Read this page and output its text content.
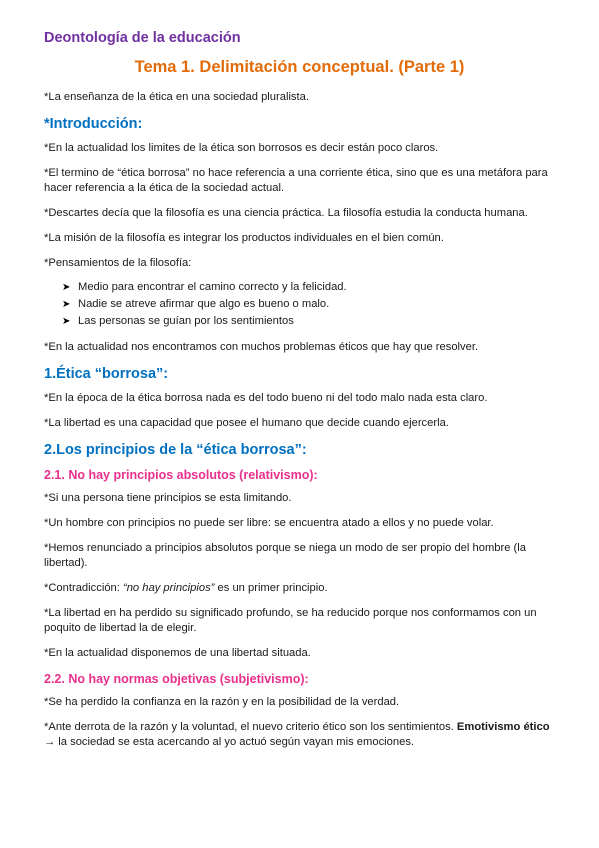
Deontología de la educación
Tema 1. Delimitación conceptual. (Parte 1)

*La enseñanza de la ética en una sociedad pluralista.

*Introducción:

*En la actualidad los limites de la ética son borrosos es decir están poco claros.

*El termino de “ética borrosa” no hace referencia a una corriente ética, sino que es una metáfora para hacer referencia a la ética de la sociedad actual.

*Descartes decía que la filosofía es una ciencia práctica. La filosofía estudia la conducta humana.

*La misión de la filosofía es integrar los productos individuales en el bien común.

*Pensamientos de la filosofía:

➤ Medio para encontrar el camino correcto y la felicidad.
➤ Nadie se atreve afirmar que algo es bueno o malo.
➤ Las personas se guían por los sentimientos

*En la actualidad nos encontramos con muchos problemas éticos que hay que resolver.

1.Ética “borrosa”:

*En la época de la ética borrosa nada es del todo bueno ni del todo malo nada esta claro.

*La libertad es una capacidad que posee el humano que decide cuando ejercerla.

2.Los principios de la “ética borrosa”:
2.1. No hay principios absolutos (relativismo):

*Si una persona tiene principios se esta limitando.

*Un hombre con principios no puede ser libre: se encuentra atado a ellos y no puede volar.

*Hemos renunciado a principios absolutos porque se niega un modo de ser propio del hombre (la libertad).

*Contradicción: “no hay principios” es un primer principio.

*La libertad en ha perdido su significado profundo, se ha reducido porque nos conformamos con un poquito de libertad la de elegir.

*En la actualidad disponemos de una libertad situada.

2.2. No hay normas objetivas (subjetivismo):

*Se ha perdido la confianza en la razón y en la posibilidad de la verdad.

*Ante derrota de la razón y la voluntad, el nuevo criterio ético son los sentimientos. Emotivismo ético → la sociedad se esta acercando al yo actuó según vayan mis emociones.
